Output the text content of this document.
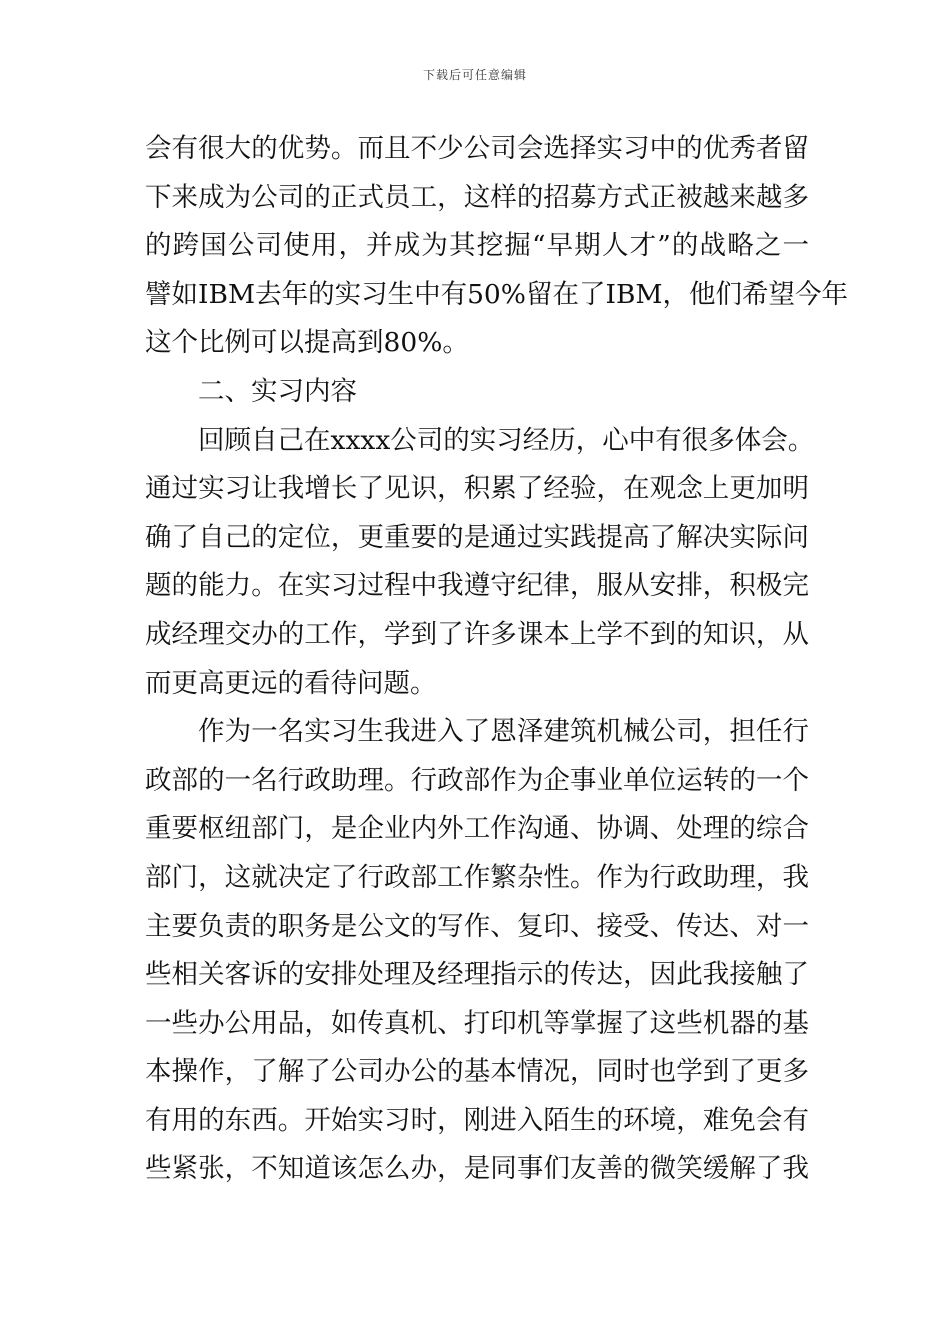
下载后可任意编辑
会有很大的优势。而且不少公司会选择实习中的优秀者留
下来成为公司的正式员工，这样的招募方式正被越来越多
的跨国公司使用，并成为其挖掘“早期人才”的战略之一
譬如IBM去年的实习生中有50%留在了IBM，他们希望今年
这个比例可以提高到80%。
二、实习内容
回顾自己在xxxx公司的实习经历，心中有很多体会。
通过实习让我增长了见识，积累了经验，在观念上更加明
确了自己的定位，更重要的是通过实践提高了解决实际问
题的能力。在实习过程中我遵守纪律，服从安排，积极完
成经理交办的工作，学到了许多课本上学不到的知识，从
而更高更远的看待问题。
作为一名实习生我进入了恩泽建筑机械公司，担任行
政部的一名行政助理。行政部作为企事业单位运转的一个
重要枢纽部门，是企业内外工作沟通、协调、处理的综合
部门，这就决定了行政部工作繁杂性。作为行政助理，我
主要负责的职务是公文的写作、复印、接受、传达、对一
些相关客诉的安排处理及经理指示的传达，因此我接触了
一些办公用品，如传真机、打印机等掌握了这些机器的基
本操作，了解了公司办公的基本情况，同时也学到了更多
有用的东西。开始实习时，刚进入陌生的环境，难免会有
些紧张，不知道该怎么办，是同事们友善的微笑缓解了我
